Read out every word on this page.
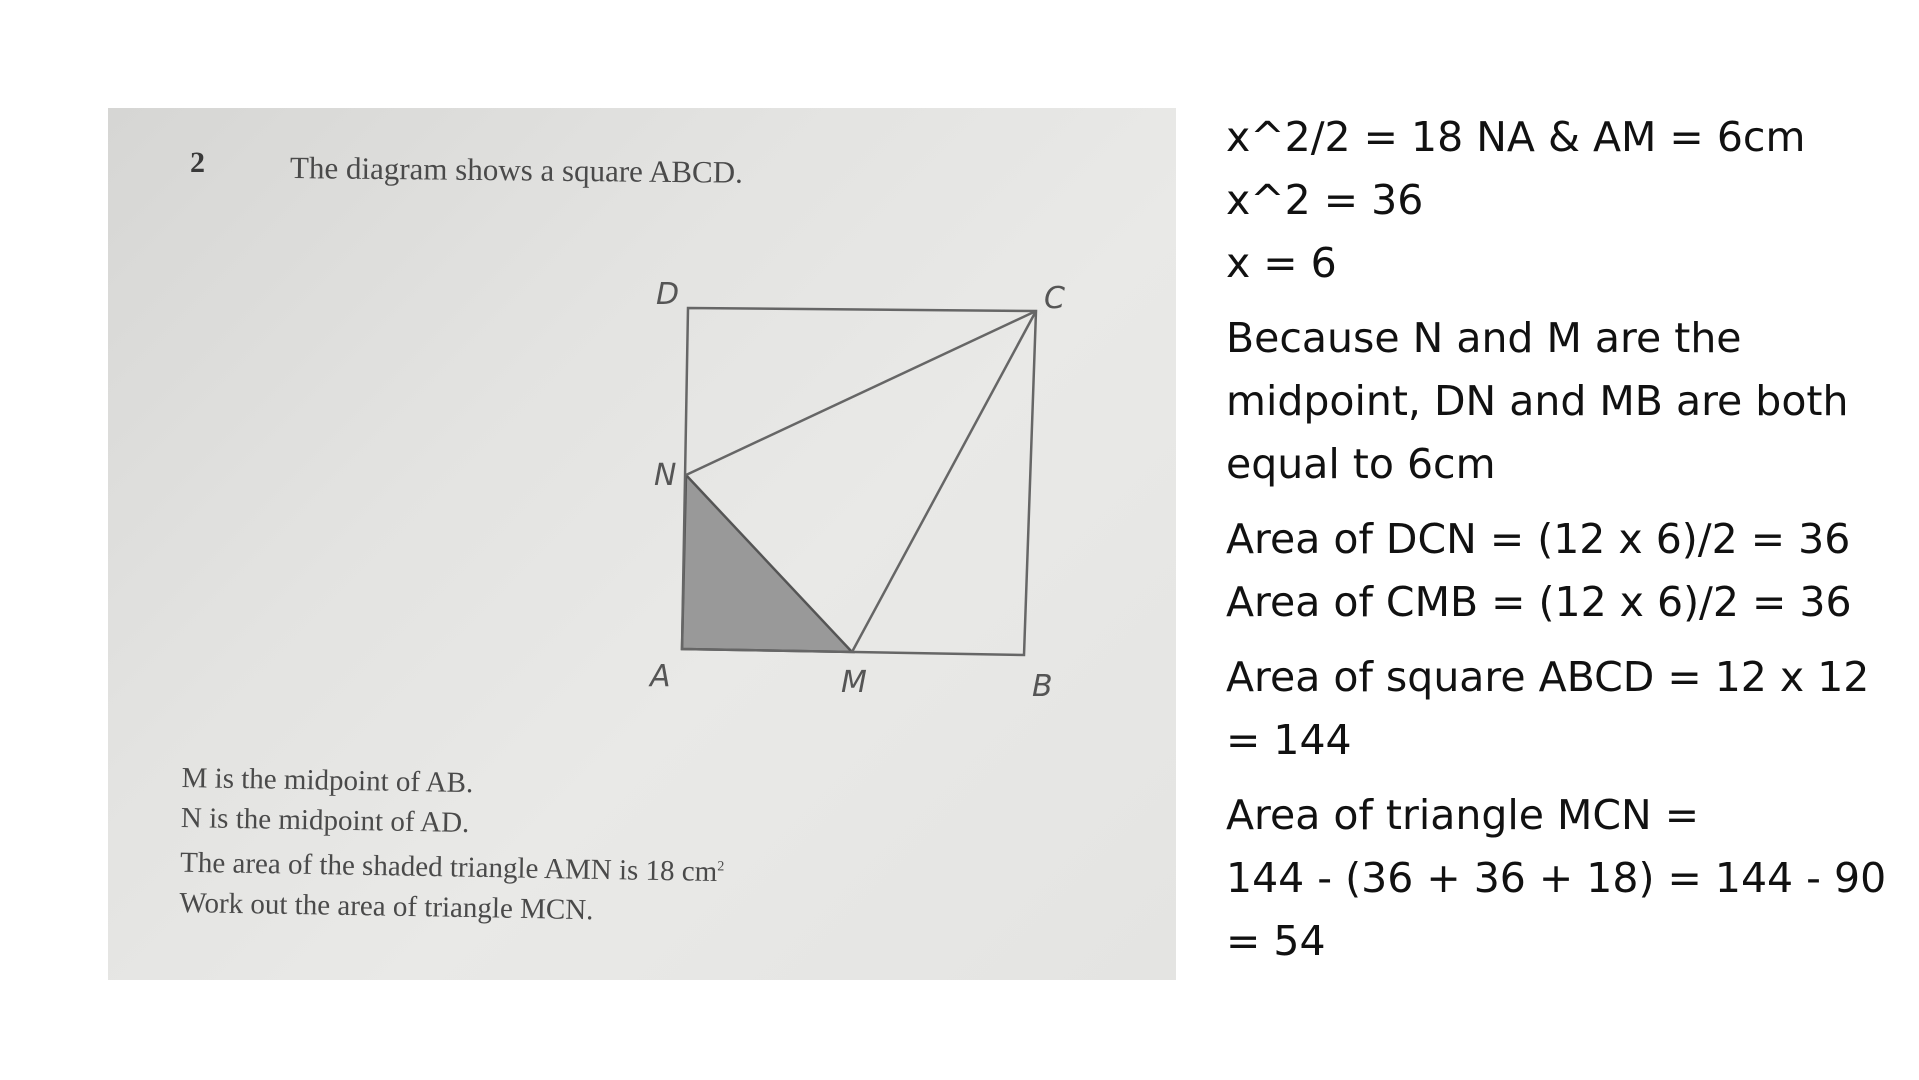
2	The diagram shows a square ABCD.
D	C
N
A	M	B
M is the midpoint of AB.
N is the midpoint of AD.
The area of the shaded triangle AMN is 18 $cm^2$
Work out the area of triangle MCN.
x^2/2 = 18 NA & AM = 6cm
x^2 = 36
x = 6
Because N and M are the
midpoint, DN and MB are both
equal to 6cm
Area of DCN = (12 x 6)/2 = 36
Area of CMB = (12 x 6)/2 = 36
Area of square ABCD = 12 x 12
= 144
Area of triangle MCN =
144 - (36 + 36 + 18) = 144 - 90
= 54
